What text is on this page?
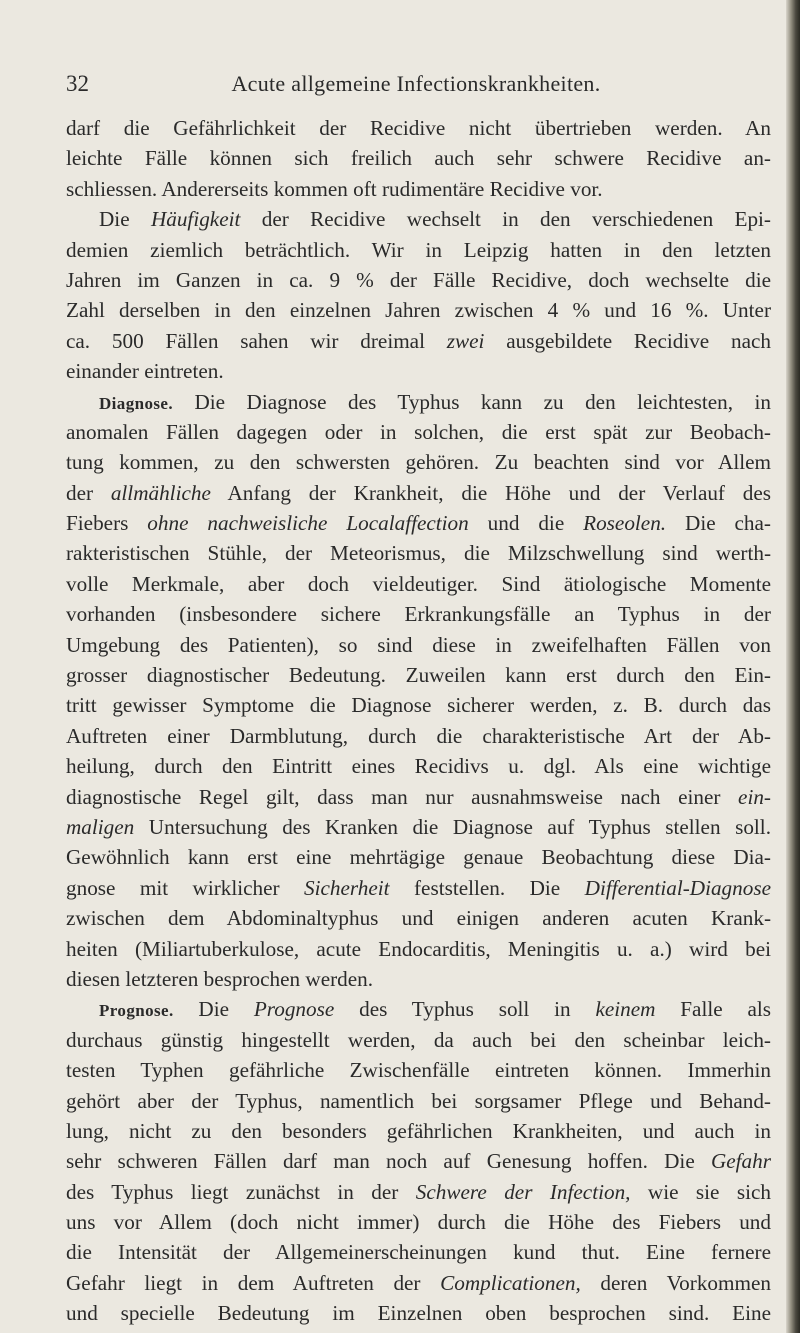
32	Acute allgemeine Infectionskrankheiten.
darf die Gefährlichkeit der Recidive nicht übertrieben werden. An
leichte Fälle können sich freilich auch sehr schwere Recidive an-
schliessen. Andererseits kommen oft rudimentäre Recidive vor.
Die Häufigkeit der Recidive wechselt in den verschiedenen Epi-
demien ziemlich beträchtlich. Wir in Leipzig hatten in den letzten
Jahren im Ganzen in ca. 9 % der Fälle Recidive, doch wechselte die
Zahl derselben in den einzelnen Jahren zwischen 4 % und 16 %. Unter
ca. 500 Fällen sahen wir dreimal zwei ausgebildete Recidive nach
einander eintreten.
Diagnose. Die Diagnose des Typhus kann zu den leichtesten, in
anomalen Fällen dagegen oder in solchen, die erst spät zur Beobach-
tung kommen, zu den schwersten gehören. Zu beachten sind vor Allem
der allmähliche Anfang der Krankheit, die Höhe und der Verlauf des
Fiebers ohne nachweisliche Localaffection und die Roseolen. Die cha-
rakteristischen Stühle, der Meteorismus, die Milzschwellung sind werth-
volle Merkmale, aber doch vieldeutiger. Sind ätiologische Momente
vorhanden (insbesondere sichere Erkrankungsfälle an Typhus in der
Umgebung des Patienten), so sind diese in zweifelhaften Fällen von
grosser diagnostischer Bedeutung. Zuweilen kann erst durch den Ein-
tritt gewisser Symptome die Diagnose sicherer werden, z. B. durch das
Auftreten einer Darmblutung, durch die charakteristische Art der Ab-
heilung, durch den Eintritt eines Recidivs u. dgl. Als eine wichtige
diagnostische Regel gilt, dass man nur ausnahmsweise nach einer ein-
maligen Untersuchung des Kranken die Diagnose auf Typhus stellen soll.
Gewöhnlich kann erst eine mehrtägige genaue Beobachtung diese Dia-
gnose mit wirklicher Sicherheit feststellen. Die Differential-Diagnose
zwischen dem Abdominaltyphus und einigen anderen acuten Krank-
heiten (Miliartuberkulose, acute Endocarditis, Meningitis u. a.) wird bei
diesen letzteren besprochen werden.
Prognose. Die Prognose des Typhus soll in keinem Falle als
durchaus günstig hingestellt werden, da auch bei den scheinbar leich-
testen Typhen gefährliche Zwischenfälle eintreten können. Immerhin
gehört aber der Typhus, namentlich bei sorgsamer Pflege und Behand-
lung, nicht zu den besonders gefährlichen Krankheiten, und auch in
sehr schweren Fällen darf man noch auf Genesung hoffen. Die Gefahr
des Typhus liegt zunächst in der Schwere der Infection, wie sie sich
uns vor Allem (doch nicht immer) durch die Höhe des Fiebers und
die Intensität der Allgemeinerscheinungen kund thut. Eine fernere
Gefahr liegt in dem Auftreten der Complicationen, deren Vorkommen
und specielle Bedeutung im Einzelnen oben besprochen sind. Eine
